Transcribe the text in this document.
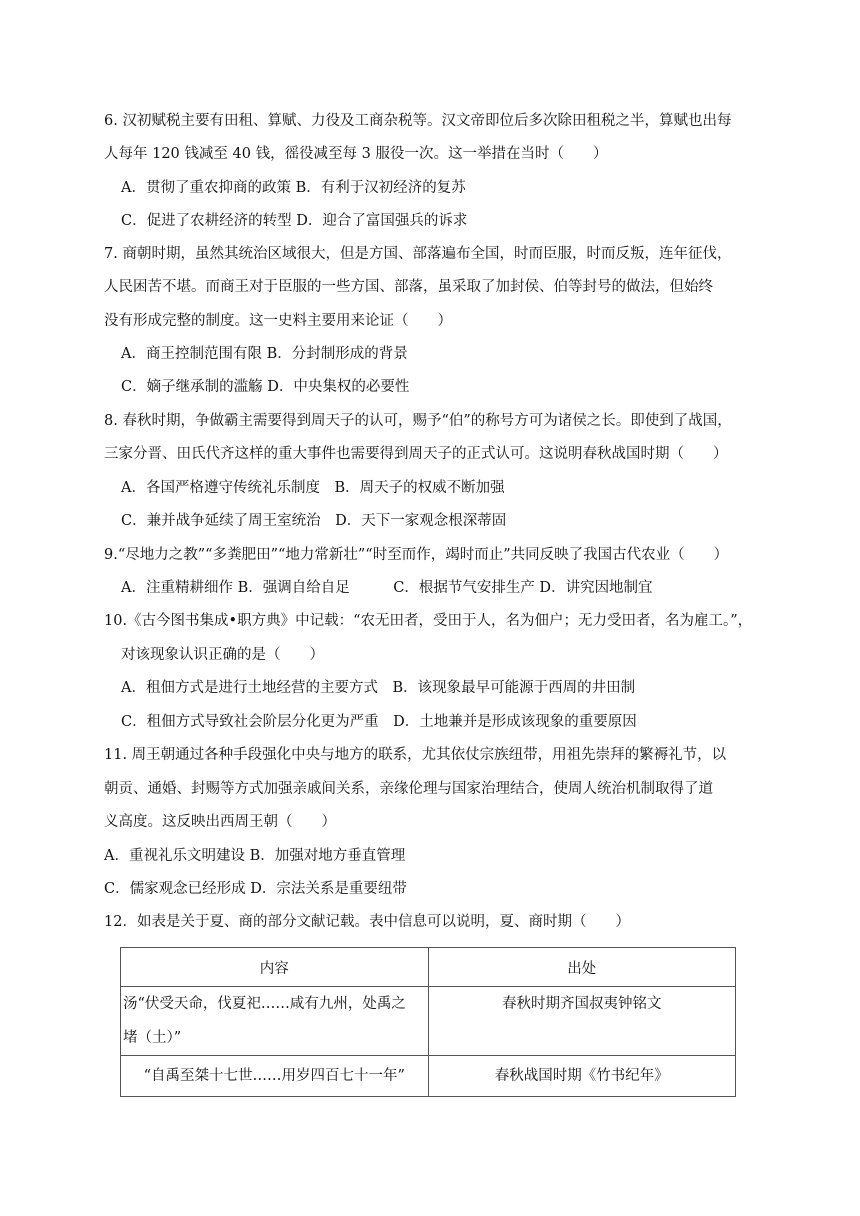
6. 汉初赋税主要有田租、算赋、力役及工商杂税等。汉文帝即位后多次除田租税之半，算赋也出每
人每年 120 钱减至 40 钱，徭役减至每 3 服役一次。这一举措在当时（　　）
A．贯彻了重农抑商的政策 B．有利于汉初经济的复苏
C．促进了农耕经济的转型 D．迎合了富国强兵的诉求
7. 商朝时期，虽然其统治区域很大，但是方国、部落遍布全国，时而臣服，时而反叛，连年征伐，
人民困苦不堪。而商王对于臣服的一些方国、部落，虽采取了加封侯、伯等封号的做法，但始终
没有形成完整的制度。这一史料主要用来论证（　　）
A．商王控制范围有限 B．分封制形成的背景
C．嫡子继承制的滥觞 D．中央集权的必要性
8. 春秋时期，争做霸主需要得到周天子的认可，赐予“伯”的称号方可为诸侯之长。即使到了战国，
三家分晋、田氏代齐这样的重大事件也需要得到周天子的正式认可。这说明春秋战国时期（　　）
A．各国严格遵守传统礼乐制度　B．周天子的权威不断加强
C．兼并战争延续了周王室统治　D．天下一家观念根深蒂固
9.“尽地力之教”“多粪肥田”“地力常新壮”“时至而作，竭时而止”共同反映了我国古代农业（　　）
A．注重精耕细作 B．强调自给自足　　　C．根据节气安排生产 D．讲究因地制宜
10.《古今图书集成•职方典》中记载：“农无田者，受田于人，名为佃户；无力受田者，名为雇工。”，
对该现象认识正确的是（　　）
A．租佃方式是进行土地经营的主要方式　B．该现象最早可能源于西周的井田制
C．租佃方式导致社会阶层分化更为严重　D．土地兼并是形成该现象的重要原因
11. 周王朝通过各种手段强化中央与地方的联系，尤其依仗宗族纽带，用祖先崇拜的繁褥礼节，以
朝贡、通婚、封赐等方式加强亲戚间关系，亲缘伦理与国家治理结合，使周人统治机制取得了道
义高度。这反映出西周王朝（　　）
A．重视礼乐文明建设 B．加强对地方垂直管理
C．儒家观念已经形成 D．宗法关系是重要纽带
12．如表是关于夏、商的部分文献记载。表中信息可以说明，夏、商时期（　　）
内容	出处

汤“伏受天命，伐夏祀……咸有九州，处禹之
堵（土）”	春秋时期齐国叔夷钟铭文
“自禹至桀十七世……用岁四百七十一年”	春秋战国时期《竹书纪年》
